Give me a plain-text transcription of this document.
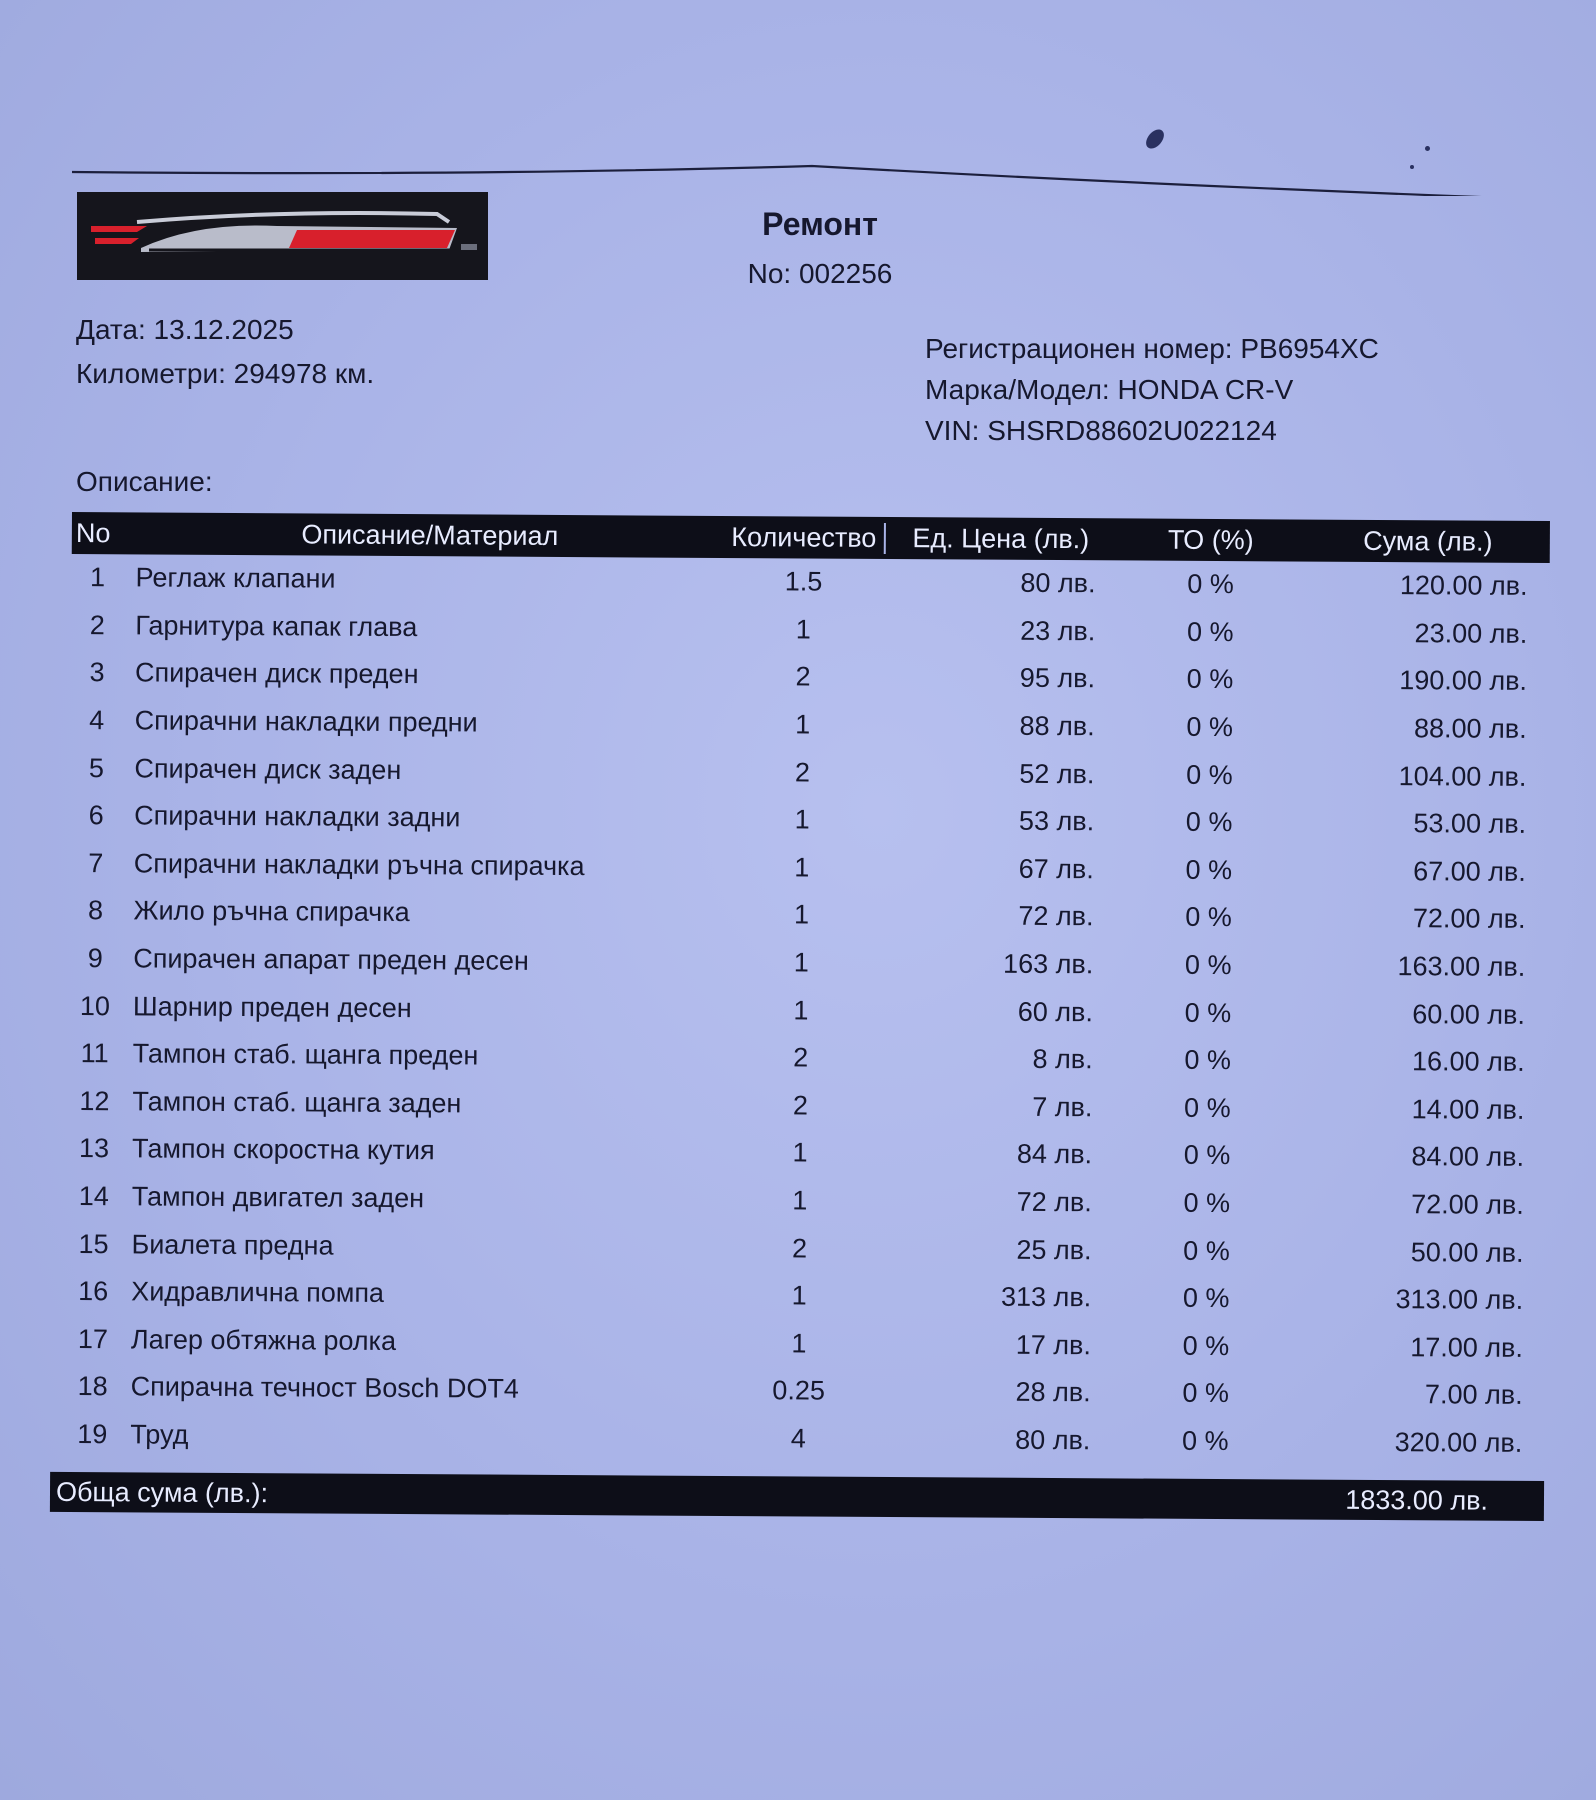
Ремонт
No: 002256
Дата: 13.12.2025
Километри: 294978 км.
Регистрационен номер: PB6954XC
Марка/Модел: HONDA CR-V
VIN: SHSRD88602U022124
Описание:
No	Описание/Материал	Количество	Ед. Цена (лв.)	ТО (%)	Сума (лв.)
1	Реглаж клапани	1.5	80 лв.	0 %	120.00 лв.
2	Гарнитура капак глава	1	23 лв.	0 %	23.00 лв.
3	Спирачен диск преден	2	95 лв.	0 %	190.00 лв.
4	Спирачни накладки предни	1	88 лв.	0 %	88.00 лв.
5	Спирачен диск заден	2	52 лв.	0 %	104.00 лв.
6	Спирачни накладки задни	1	53 лв.	0 %	53.00 лв.
7	Спирачни накладки ръчна спирачка	1	67 лв.	0 %	67.00 лв.
8	Жило ръчна спирачка	1	72 лв.	0 %	72.00 лв.
9	Спирачен апарат преден десен	1	163 лв.	0 %	163.00 лв.
10 Шарнир преден десен	1	60 лв.	0 %	60.00 лв.
11 Тампон стаб. щанга преден	2	8 лв.	0 %	16.00 лв.
12 Тампон стаб. щанга заден	2	7 лв.	0 %	14.00 лв.
13 Тампон скоростна кутия	1	84 лв.	0 %	84.00 лв.
14 Тампон двигател заден	1	72 лв.	0 %	72.00 лв.
15 Биалета предна	2	25 лв.	0 %	50.00 лв.
16 Хидравлична помпа	1	313 лв.	0 %	313.00 лв.
17 Лагер обтяжна ролка	1	17 лв.	0 %	17.00 лв.
18 Спирачна течност Bosch DOT4	0.25	28 лв.	0 %	7.00 лв.
19 Труд	4	80 лв.	0 %	320.00 лв.
Обща сума (лв.):	1833.00 лв.
